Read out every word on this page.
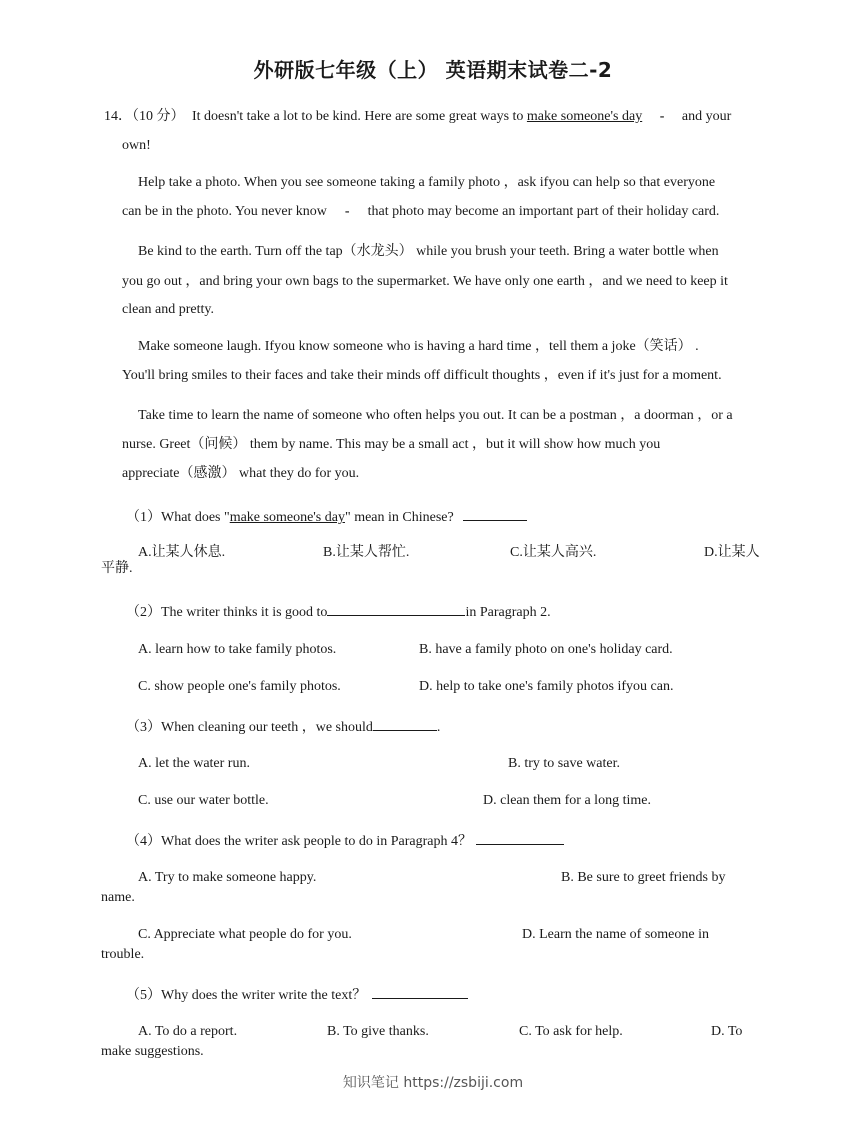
外研版七年级（上） 英语期末试卷二-2
14．（10 分） It doesn't take a lot to be kind. Here are some great ways to make someone's day - and your
own!
Help take a photo. When you see someone taking a family photo ，ask ifyou can help so that everyone
can be in the photo. You never know - that photo may become an important part of their holiday card.
Be kind to the earth. Turn off the tap（水龙头） while you brush your teeth. Bring a water bottle when
you go out ，and bring your own bags to the supermarket. We have only one earth ，and we need to keep it
clean and pretty.
Make someone laugh. Ifyou know someone who is having a hard time ，tell them a joke（笑话） .
You'll bring smiles to their faces and take their minds off difficult thoughts ，even if it's just for a moment.
Take time to learn the name of someone who often helps you out. It can be a postman ，a doorman ，or a
nurse. Greet（问候） them by name. This may be a small act ，but it will show how much you
appreciate（感激） what they do for you.
（1）What does "make someone's day" mean in Chinese?
A.让某人休息.	B.让某人帮忙.	C.让某人高兴.	D.让某人
平静.
（2）The writer thinks it is good to	in Paragraph 2.
A. learn how to take family photos.	B. have a family photo on one's holiday card.
C. show people one's family photos.	D. help to take one's family photos ifyou can.
（3）When cleaning our teeth ，we should	.
A. let the water run.	B. try to save water.
C. use our water bottle.	D. clean them for a long time.
（4）What does the writer ask people to do in Paragraph 4？
A. Try to make someone happy.	B. Be sure to greet friends by
name.
C. Appreciate what people do for you.	D. Learn the name of someone in
trouble.
（5）Why does the writer write the text？
A. To do a report.	B. To give thanks.	C. To ask for help.	D. To
make suggestions.
知识笔记 https://zsbiji.com
